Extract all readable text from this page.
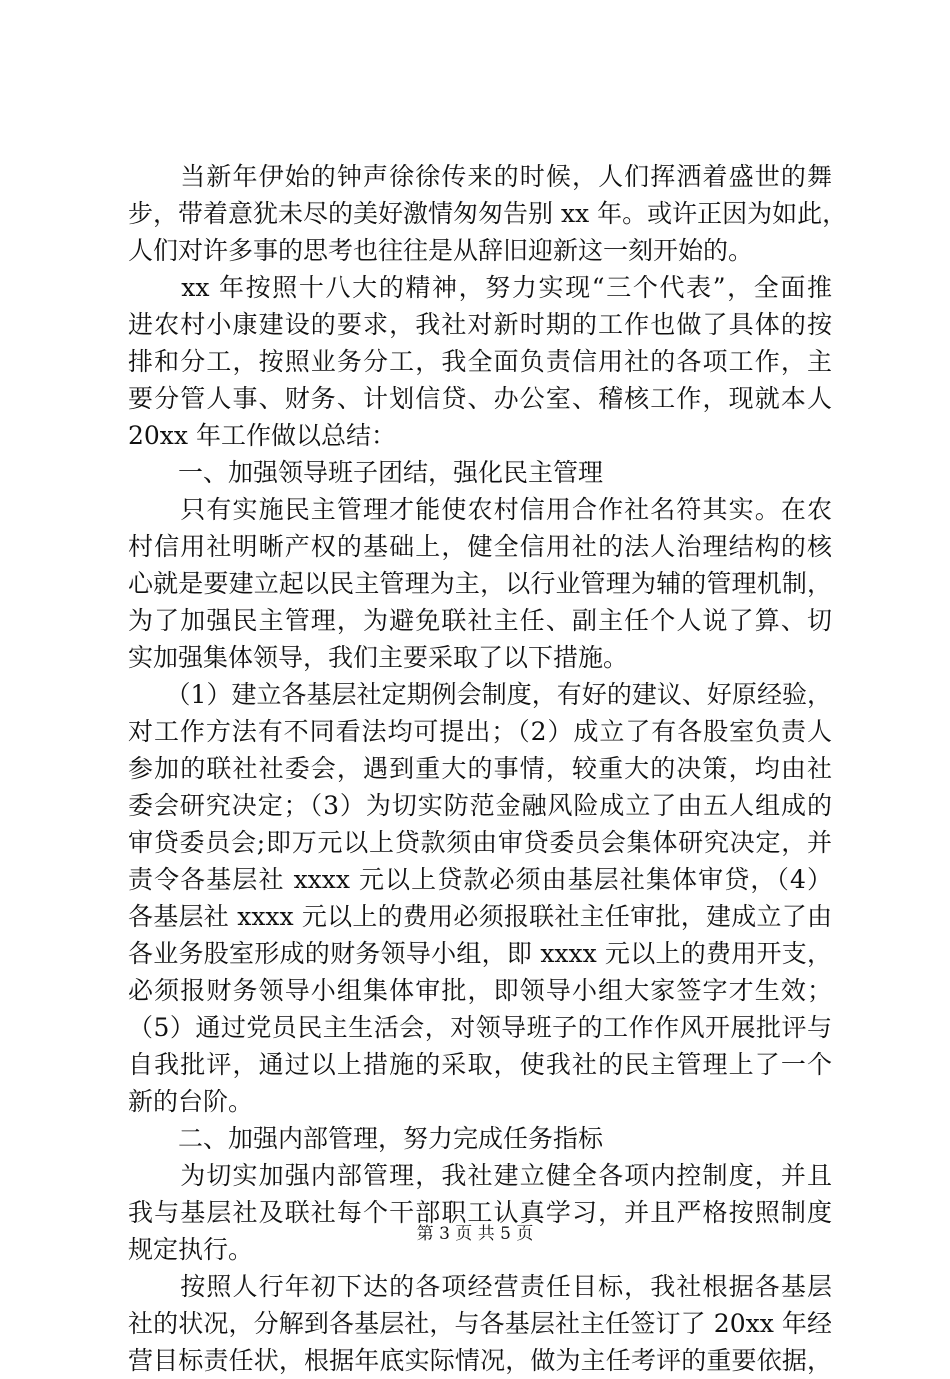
　　当新年伊始的钟声徐徐传来的时候，人们挥洒着盛世的舞
步，带着意犹未尽的美好激情匆匆告别 xx 年。或许正因为如此，
人们对许多事的思考也往往是从辞旧迎新这一刻开始的。
　　xx 年按照十八大的精神，努力实现“三个代表”，全面推
进农村小康建设的要求，我社对新时期的工作也做了具体的按
排和分工，按照业务分工，我全面负责信用社的各项工作，主
要分管人事、财务、计划信贷、办公室、稽核工作，现就本人
20xx 年工作做以总结：
　　一、加强领导班子团结，强化民主管理
　　只有实施民主管理才能使农村信用合作社名符其实。在农
村信用社明晰产权的基础上，健全信用社的法人治理结构的核
心就是要建立起以民主管理为主，以行业管理为辅的管理机制，
为了加强民主管理，为避免联社主任、副主任个人说了算、切
实加强集体领导，我们主要采取了以下措施。
　　（1）建立各基层社定期例会制度，有好的建议、好原经验，
对工作方法有不同看法均可提出；（2）成立了有各股室负责人
参加的联社社委会，遇到重大的事情，较重大的决策，均由社
委会研究决定；（3）为切实防范金融风险成立了由五人组成的
审贷委员会;即万元以上贷款须由审贷委员会集体研究决定，并
责令各基层社 xxxx 元以上贷款必须由基层社集体审贷，（4）
各基层社 xxxx 元以上的费用必须报联社主任审批，建成立了由
各业务股室形成的财务领导小组，即 xxxx 元以上的费用开支，
必须报财务领导小组集体审批，即领导小组大家签字才生效；
（5）通过党员民主生活会，对领导班子的工作作风开展批评与
自我批评，通过以上措施的采取，使我社的民主管理上了一个
新的台阶。
　　二、加强内部管理，努力完成任务指标
　　为切实加强内部管理，我社建立健全各项内控制度，并且
我与基层社及联社每个干部职工认真学习，并且严格按照制度
规定执行。
　　按照人行年初下达的各项经营责任目标，我社根据各基层
社的状况，分解到各基层社，与各基层社主任签订了 20xx 年经
营目标责任状，根据年底实际情况，做为主任考评的重要依据，
第 3 页 共 5 页
